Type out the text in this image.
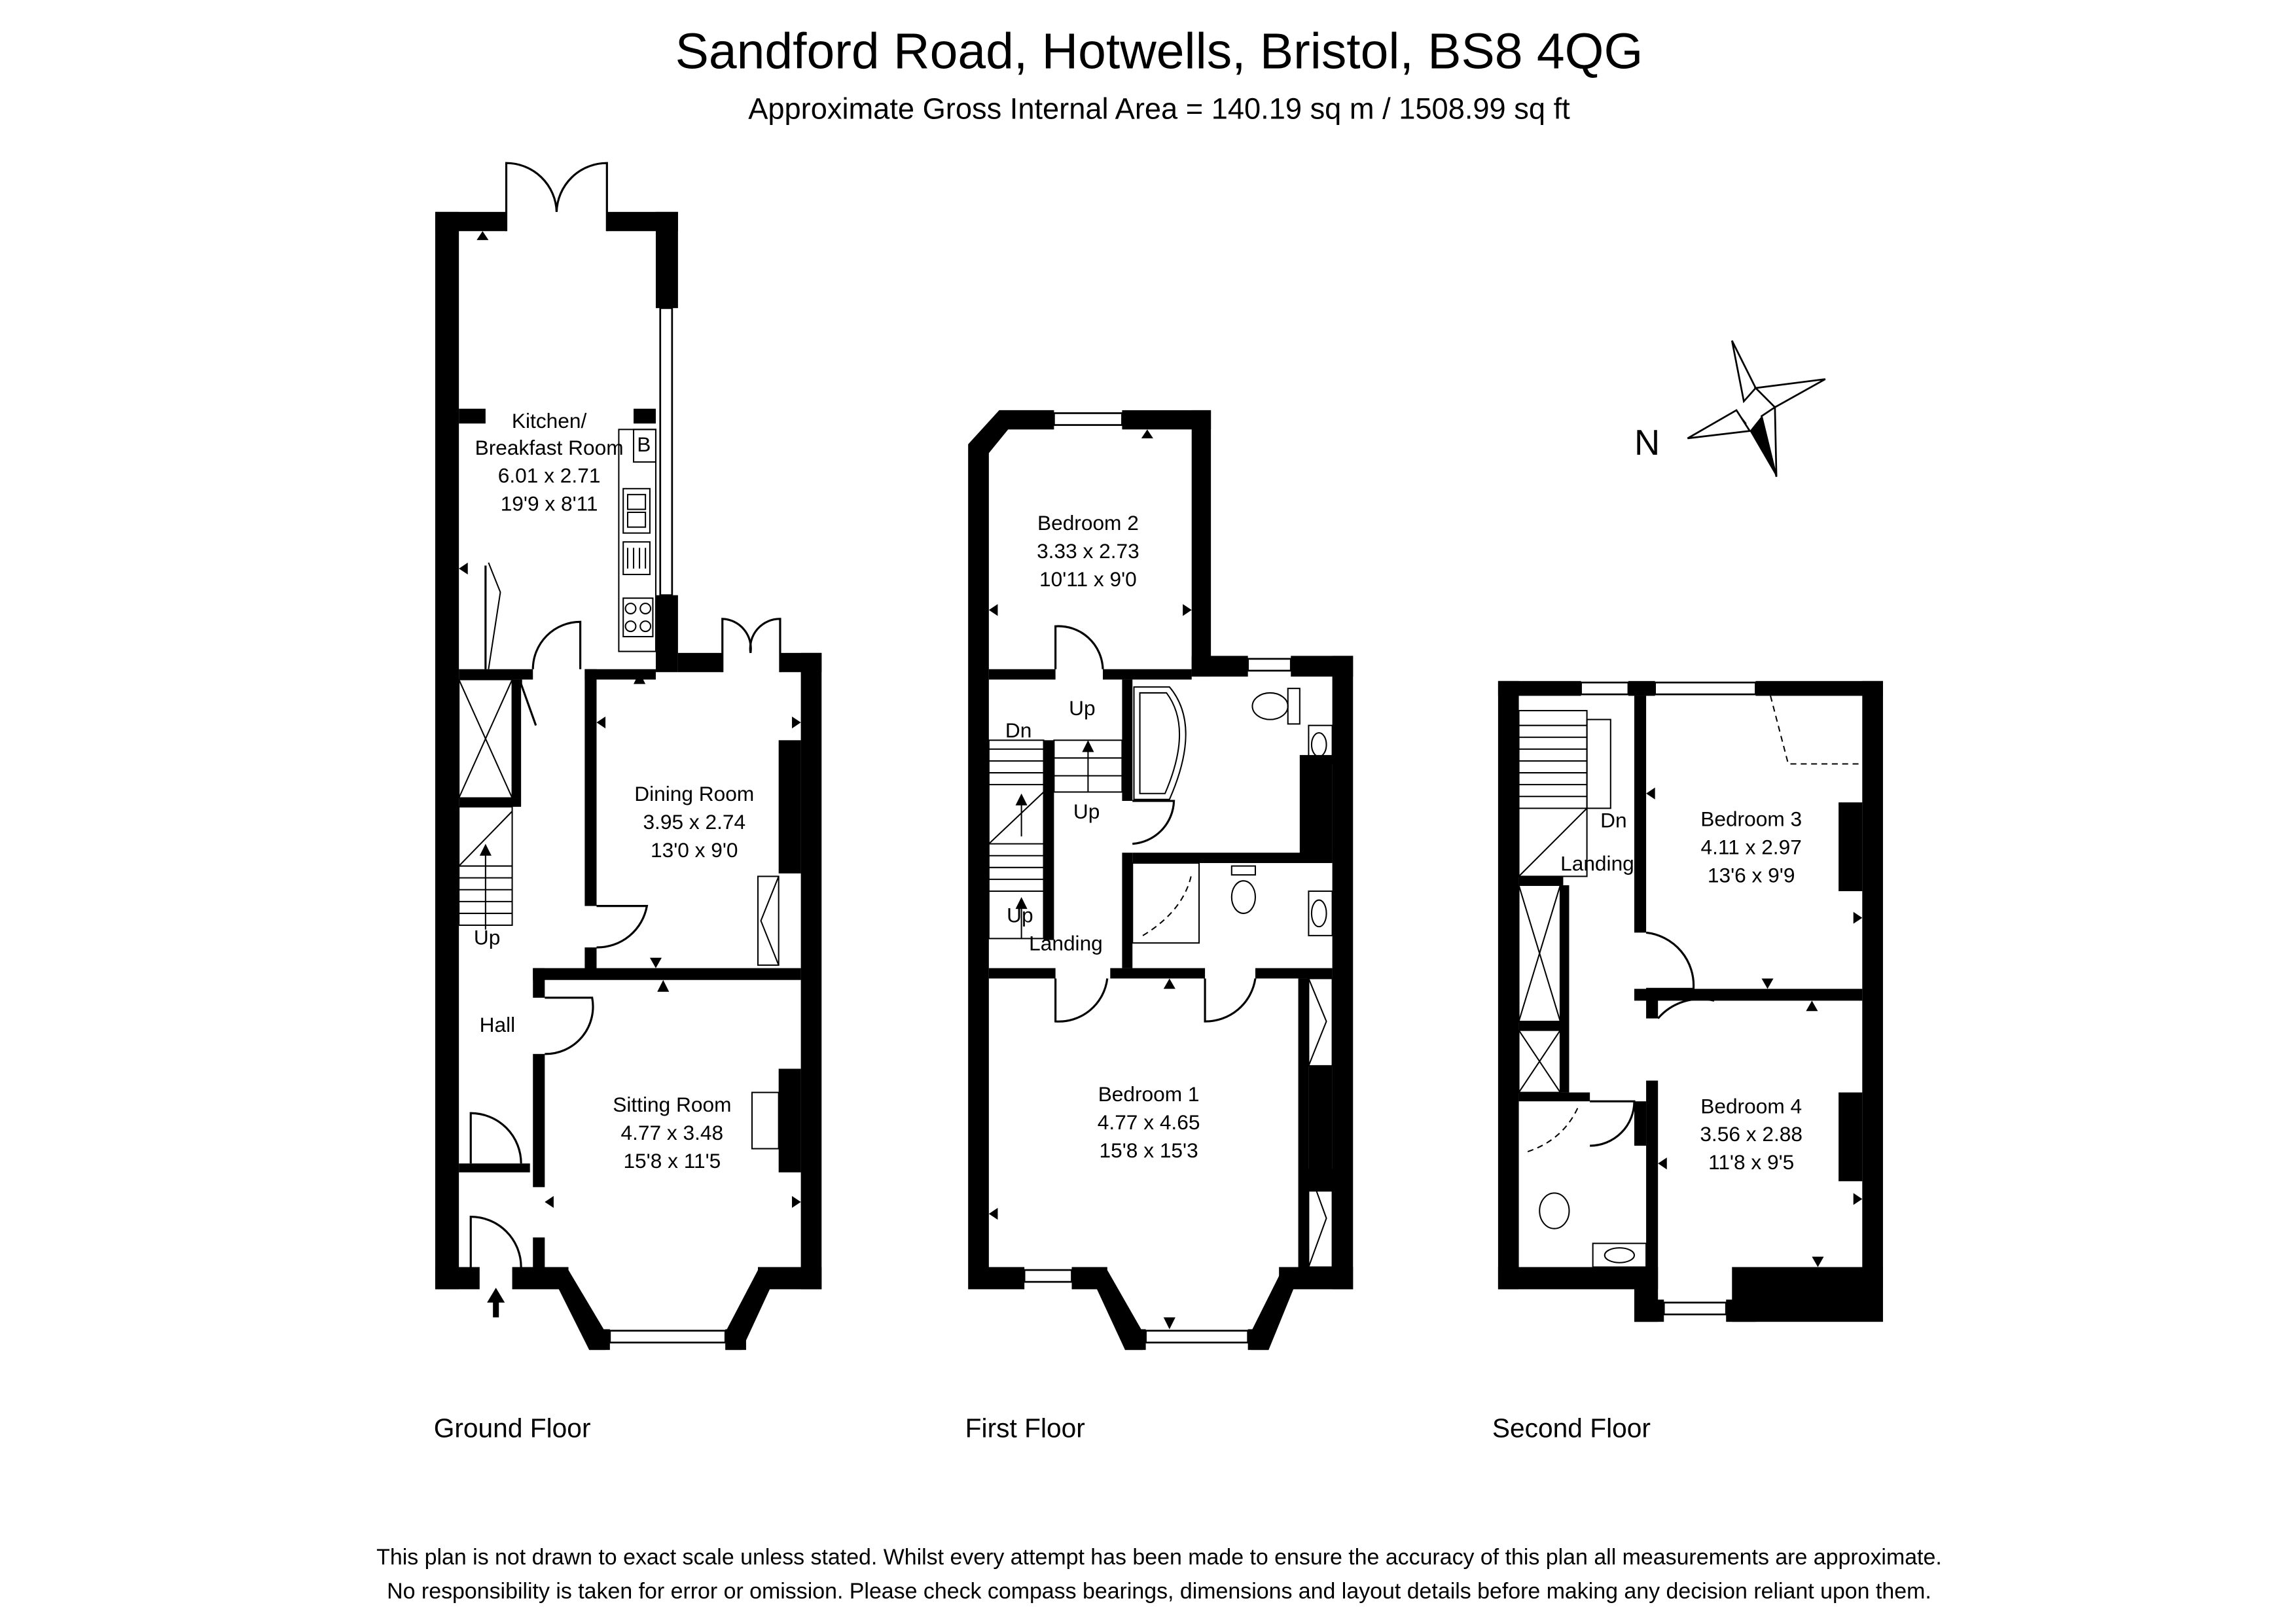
Sandford Road, Hotwells, Bristol, BS8 4QG
Approximate Gross Internal Area = 140.19 sq m / 1508.99 sq ft
N
Kitchen/
Breakfast Room
6.01 x 2.71
19'9 x 8'11
B
Dining Room
3.95 x 2.74
13'0 x 9'0
Sitting Room
4.77 x 3.48
15'8 x 11'5
Up
Hall
Bedroom 2
3.33 x 2.73
10'11 x 9'0
Up
Dn
Up
Up
Landing
Bedroom 1
4.77 x 4.65
15'8 x 15'3
Dn
Landing
Bedroom 3
4.11 x 2.97
13'6 x 9'9
Bedroom 4
3.56 x 2.88
11'8 x 9'5
Ground Floor	First Floor	Second Floor
This plan is not drawn to exact scale unless stated. Whilst every attempt has been made to ensure the accuracy of this plan all measurements are approximate.
No responsibility is taken for error or omission. Please check compass bearings, dimensions and layout details before making any decision reliant upon them.
